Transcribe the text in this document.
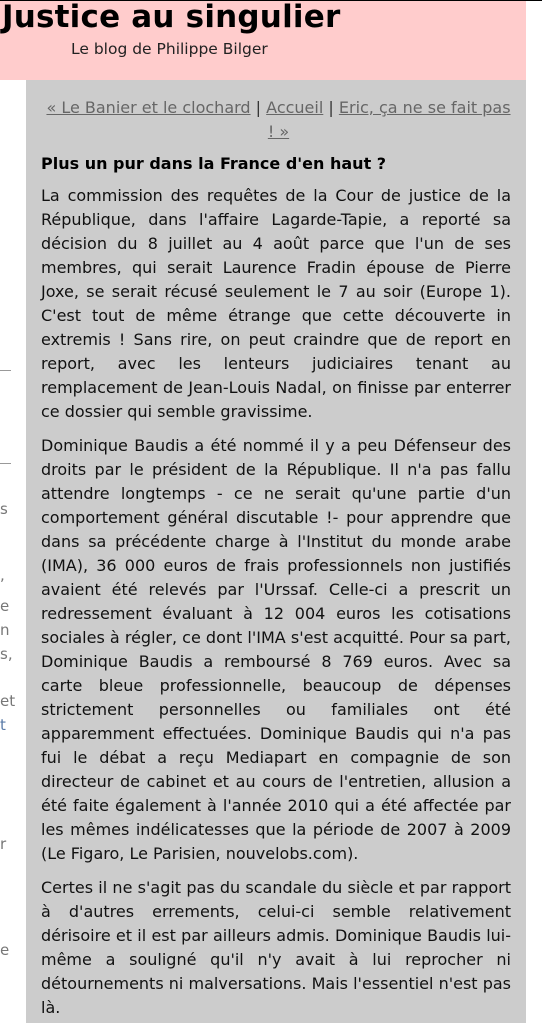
Justice au singulier
Le blog de Philippe Bilger
s
,
e
n
s,
et
t
r
e
« Le Banier et le clochard | Accueil | Eric, ça ne se fait pas ! »
Plus un pur dans la France d'en haut ?

La commission des requêtes de la Cour de justice de la République, dans l'affaire Lagarde-Tapie, a reporté sa décision du 8 juillet au 4 août parce que l'un de ses membres, qui serait Laurence Fradin épouse de Pierre Joxe, se serait récusé seulement le 7 au soir (Europe 1). C'est tout de même étrange que cette découverte in extremis ! Sans rire, on peut craindre que de report en report, avec les lenteurs judiciaires tenant au remplacement de Jean-Louis Nadal, on finisse par enterrer ce dossier qui semble gravissime.

Dominique Baudis a été nommé il y a peu Défenseur des droits par le président de la République. Il n'a pas fallu attendre longtemps - ce ne serait qu'une partie d'un comportement général discutable !- pour apprendre que dans sa précédente charge à l'Institut du monde arabe (IMA), 36 000 euros de frais professionnels non justifiés avaient été relevés par l'Urssaf. Celle-ci a prescrit un redressement évaluant à 12 004 euros les cotisations sociales à régler, ce dont l'IMA s'est acquitté. Pour sa part, Dominique Baudis a remboursé 8 769 euros. Avec sa carte bleue professionnelle, beaucoup de dépenses strictement personnelles ou familiales ont été apparemment effectuées. Dominique Baudis qui n'a pas fui le débat a reçu Mediapart en compagnie de son directeur de cabinet et au cours de l'entretien, allusion a été faite également à l'année 2010 qui a été affectée par les mêmes indélicatesses que la période de 2007 à 2009 (Le Figaro, Le Parisien, nouvelobs.com).

Certes il ne s'agit pas du scandale du siècle et par rapport à d'autres errements, celui-ci semble relativement dérisoire et il est par ailleurs admis. Dominique Baudis lui-même a souligné qu'il n'y avait à lui reprocher ni détournements ni malversations. Mais l'essentiel n'est pas là.
